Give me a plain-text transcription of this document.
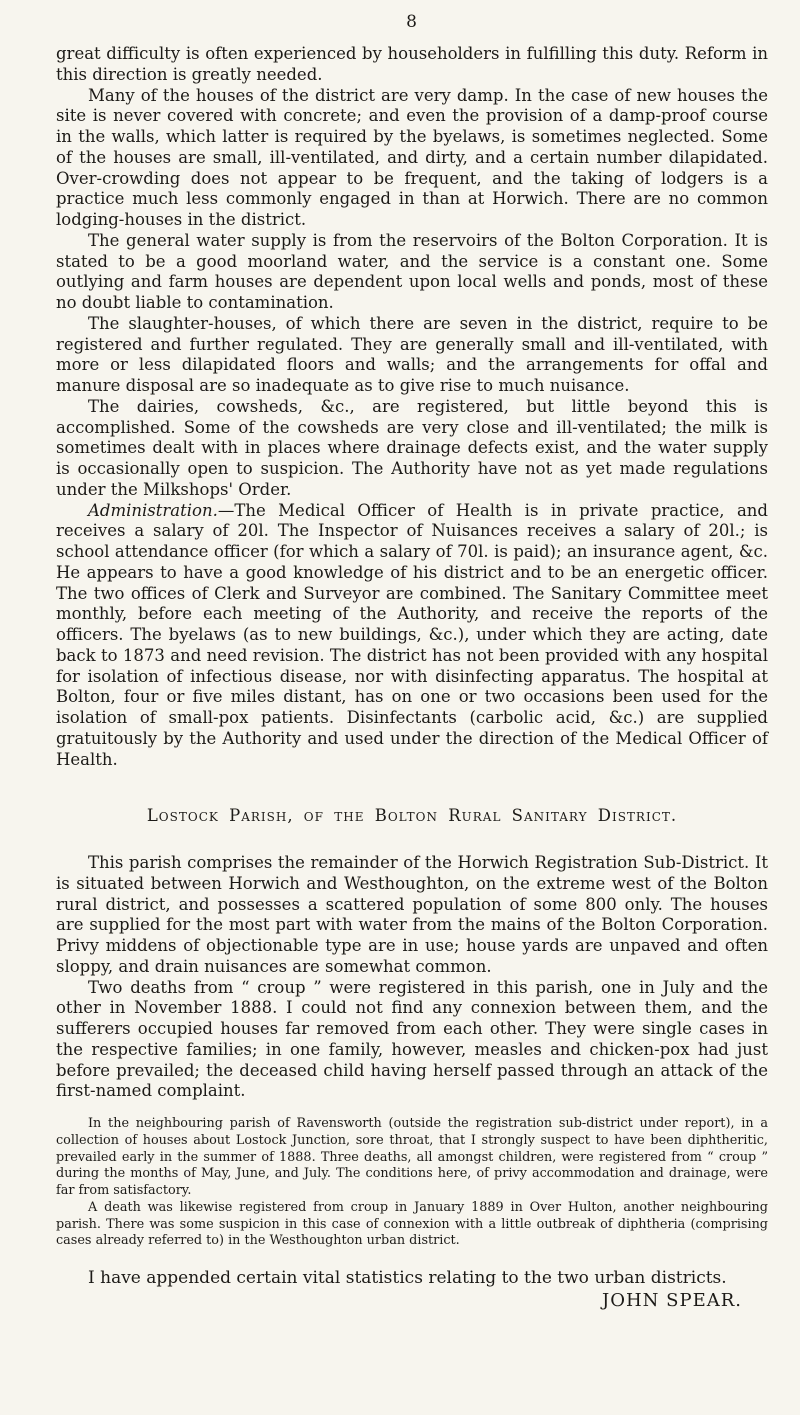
8

great difficulty is often experienced by householders in fulfilling this duty. Reform in this direction is greatly needed.

Many of the houses of the district are very damp. In the case of new houses the site is never covered with concrete; and even the provision of a damp-proof course in the walls, which latter is required by the byelaws, is sometimes neglected. Some of the houses are small, ill-ventilated, and dirty, and a certain number dilapidated. Over-crowding does not appear to be frequent, and the taking of lodgers is a practice much less commonly engaged in than at Horwich. There are no common lodging-houses in the district.

The general water supply is from the reservoirs of the Bolton Corporation. It is stated to be a good moorland water, and the service is a constant one. Some outlying and farm houses are dependent upon local wells and ponds, most of these no doubt liable to contamination.

The slaughter-houses, of which there are seven in the district, require to be registered and further regulated. They are generally small and ill-ventilated, with more or less dilapidated floors and walls; and the arrangements for offal and manure disposal are so inadequate as to give rise to much nuisance.

The dairies, cowsheds, &c., are registered, but little beyond this is accomplished. Some of the cowsheds are very close and ill-ventilated; the milk is sometimes dealt with in places where drainage defects exist, and the water supply is occasionally open to suspicion. The Authority have not as yet made regulations under the Milkshops' Order.

Administration.—The Medical Officer of Health is in private practice, and receives a salary of 20l. The Inspector of Nuisances receives a salary of 20l.; is school attendance officer (for which a salary of 70l. is paid); an insurance agent, &c. He appears to have a good knowledge of his district and to be an energetic officer. The two offices of Clerk and Surveyor are combined. The Sanitary Committee meet monthly, before each meeting of the Authority, and receive the reports of the officers. The byelaws (as to new buildings, &c.), under which they are acting, date back to 1873 and need revision. The district has not been provided with any hospital for isolation of infectious disease, nor with disinfecting apparatus. The hospital at Bolton, four or five miles distant, has on one or two occasions been used for the isolation of small-pox patients. Disinfectants (carbolic acid, &c.) are supplied gratuitously by the Authority and used under the direction of the Medical Officer of Health.

Lostock Parish, of the Bolton Rural Sanitary District.

This parish comprises the remainder of the Horwich Registration Sub-District. It is situated between Horwich and Westhoughton, on the extreme west of the Bolton rural district, and possesses a scattered population of some 800 only. The houses are supplied for the most part with water from the mains of the Bolton Corporation. Privy middens of objectionable type are in use; house yards are unpaved and often sloppy, and drain nuisances are somewhat common.

Two deaths from “ croup ” were registered in this parish, one in July and the other in November 1888. I could not find any connexion between them, and the sufferers occupied houses far removed from each other. They were single cases in the respective families; in one family, however, measles and chicken-pox had just before prevailed; the deceased child having herself passed through an attack of the first-named complaint.

In the neighbouring parish of Ravensworth (outside the registration sub-district under report), in a collection of houses about Lostock Junction, sore throat, that I strongly suspect to have been diphtheritic, prevailed early in the summer of 1888. Three deaths, all amongst children, were registered from “ croup ” during the months of May, June, and July. The conditions here, of privy accommodation and drainage, were far from satisfactory.

A death was likewise registered from croup in January 1889 in Over Hulton, another neighbouring parish. There was some suspicion in this case of connexion with a little outbreak of diphtheria (comprising cases already referred to) in the Westhoughton urban district.

I have appended certain vital statistics relating to the two urban districts.

JOHN SPEAR.
